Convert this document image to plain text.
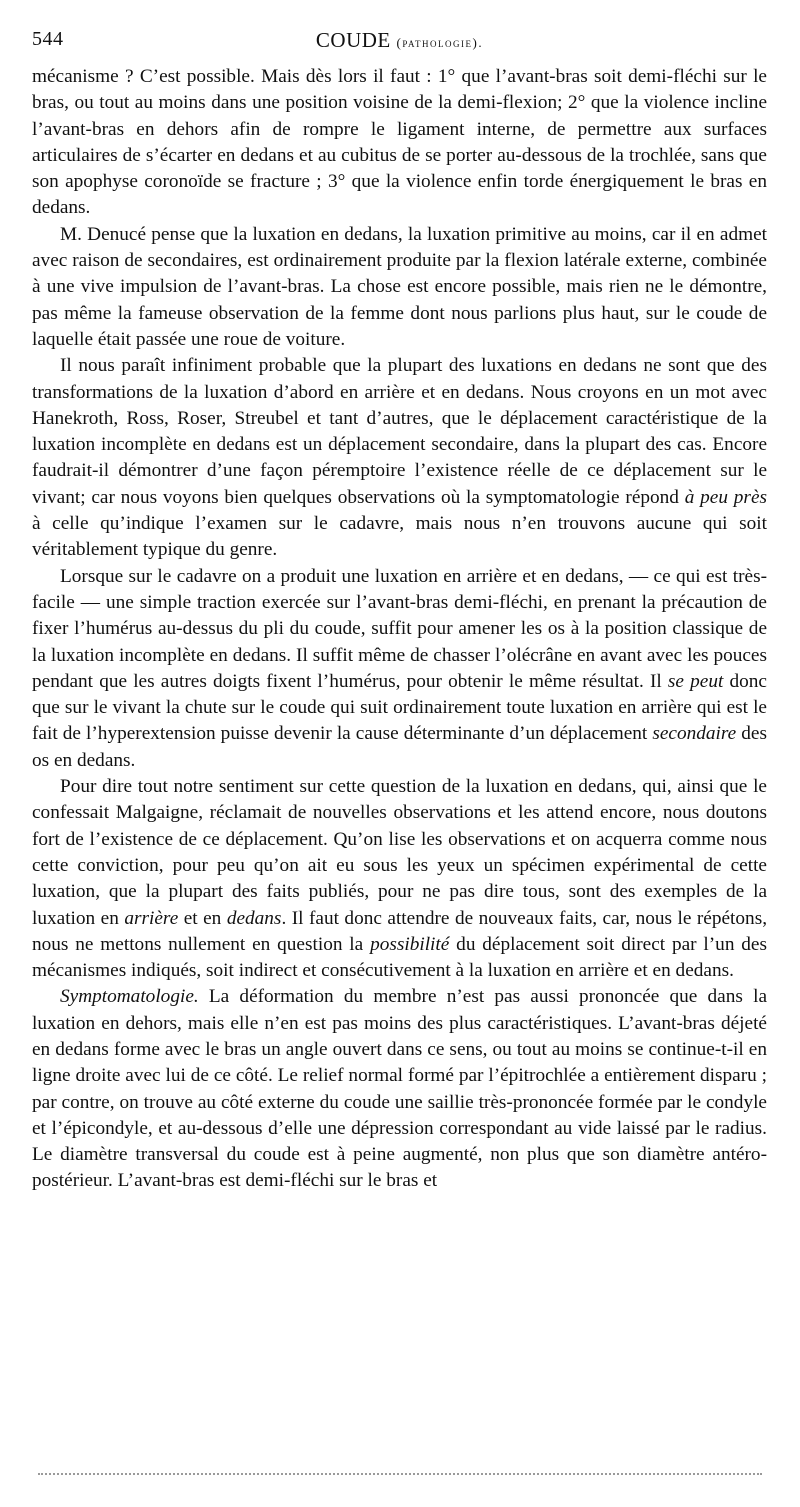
544	COUDE (pathologie).

mécanisme ? C’est possible. Mais dès lors il faut : 1° que l’avant-bras soit demi-fléchi sur le bras, ou tout au moins dans une position voisine de la demi-flexion; 2° que la violence incline l’avant-bras en dehors afin de rompre le ligament interne, de permettre aux surfaces articulaires de s’écarter en dedans et au cubitus de se porter au-dessous de la trochlée, sans que son apophyse coronoïde se fracture ; 3° que la violence enfin torde énergiquement le bras en dedans.

M. Denucé pense que la luxation en dedans, la luxation primitive au moins, car il en admet avec raison de secondaires, est ordinairement produite par la flexion latérale externe, combinée à une vive impulsion de l’avant-bras. La chose est encore possible, mais rien ne le démontre, pas même la fameuse observation de la femme dont nous parlions plus haut, sur le coude de laquelle était passée une roue de voiture.

Il nous paraît infiniment probable que la plupart des luxations en dedans ne sont que des transformations de la luxation d’abord en arrière et en dedans. Nous croyons en un mot avec Hanekroth, Ross, Roser, Streubel et tant d’autres, que le déplacement caractéristique de la luxation incomplète en dedans est un déplacement secondaire, dans la plupart des cas. Encore faudrait-il démontrer d’une façon péremptoire l’existence réelle de ce déplacement sur le vivant; car nous voyons bien quelques observations où la symptomatologie répond à peu près à celle qu’indique l’examen sur le cadavre, mais nous n’en trouvons aucune qui soit véritablement typique du genre.

Lorsque sur le cadavre on a produit une luxation en arrière et en dedans, — ce qui est très-facile — une simple traction exercée sur l’avant-bras demi-fléchi, en prenant la précaution de fixer l’humérus au-dessus du pli du coude, suffit pour amener les os à la position classique de la luxation incomplète en dedans. Il suffit même de chasser l’olécrâne en avant avec les pouces pendant que les autres doigts fixent l’humérus, pour obtenir le même résultat. Il se peut donc que sur le vivant la chute sur le coude qui suit ordinairement toute luxation en arrière qui est le fait de l’hyperextension puisse devenir la cause déterminante d’un déplacement secondaire des os en dedans.

Pour dire tout notre sentiment sur cette question de la luxation en dedans, qui, ainsi que le confessait Malgaigne, réclamait de nouvelles observations et les attend encore, nous doutons fort de l’existence de ce déplacement. Qu’on lise les observations et on acquerra comme nous cette conviction, pour peu qu’on ait eu sous les yeux un spécimen expérimental de cette luxation, que la plupart des faits publiés, pour ne pas dire tous, sont des exemples de la luxation en arrière et en dedans. Il faut donc attendre de nouveaux faits, car, nous le répétons, nous ne mettons nullement en question la possibilité du déplacement soit direct par l’un des mécanismes indiqués, soit indirect et consécutivement à la luxation en arrière et en dedans.

Symptomatologie. La déformation du membre n’est pas aussi prononcée que dans la luxation en dehors, mais elle n’en est pas moins des plus caractéristiques. L’avant-bras déjeté en dedans forme avec le bras un angle ouvert dans ce sens, ou tout au moins se continue-t-il en ligne droite avec lui de ce côté. Le relief normal formé par l’épitrochlée a entièrement disparu ; par contre, on trouve au côté externe du coude une saillie très-prononcée formée par le condyle et l’épicondyle, et au-dessous d’elle une dépression correspondant au vide laissé par le radius. Le diamètre transversal du coude est à peine augmenté, non plus que son diamètre antéro-postérieur. L’avant-bras est demi-fléchi sur le bras et
